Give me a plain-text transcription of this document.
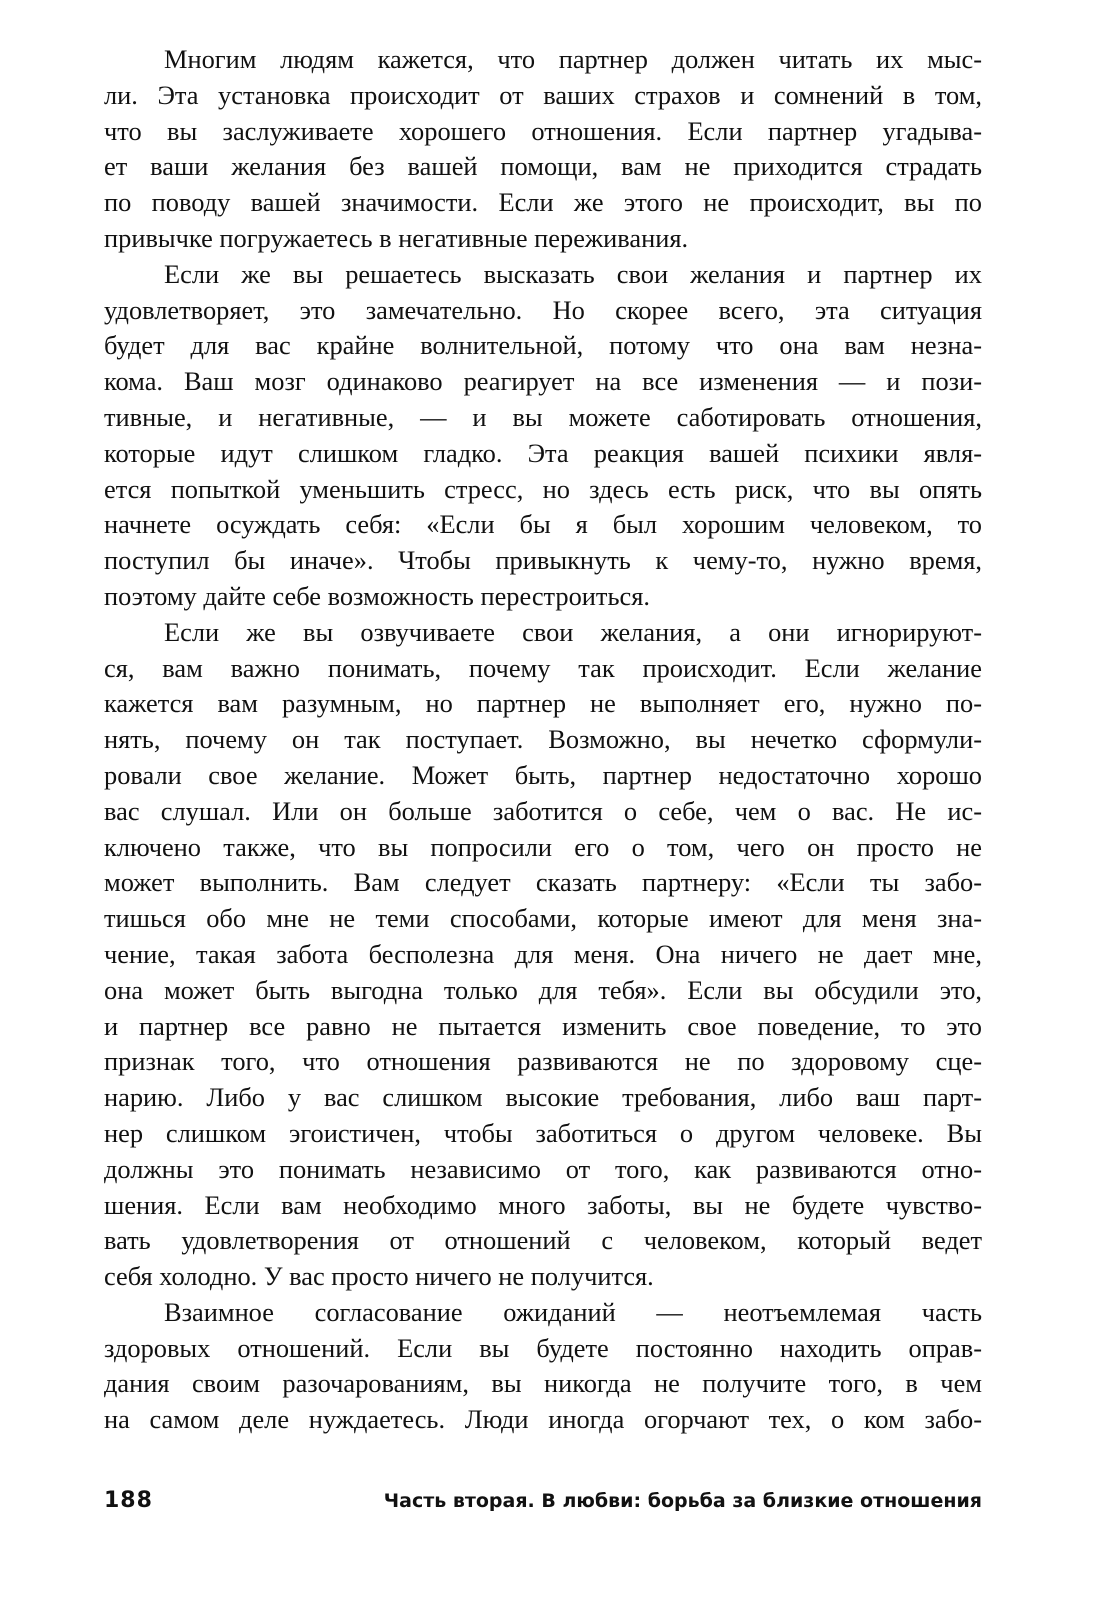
Многим людям кажется, что партнер должен читать их мыс-
ли. Эта установка происходит от ваших страхов и сомнений в том,
что вы заслуживаете хорошего отношения. Если партнер угадыва-
ет ваши желания без вашей помощи, вам не приходится страдать
по поводу вашей значимости. Если же этого не происходит, вы по
привычке погружаетесь в негативные переживания.
Если же вы решаетесь высказать свои желания и партнер их
удовлетворяет, это замечательно. Но скорее всего, эта ситуация
будет для вас крайне волнительной, потому что она вам незна-
кома. Ваш мозг одинаково реагирует на все изменения — и пози-
тивные, и негативные, — и вы можете саботировать отношения,
которые идут слишком гладко. Эта реакция вашей психики явля-
ется попыткой уменьшить стресс, но здесь есть риск, что вы опять
начнете осуждать себя: «Если бы я был хорошим человеком, то
поступил бы иначе». Чтобы привыкнуть к чему-то, нужно время,
поэтому дайте себе возможность перестроиться.
Если же вы озвучиваете свои желания, а они игнорируют-
ся, вам важно понимать, почему так происходит. Если желание
кажется вам разумным, но партнер не выполняет его, нужно по-
нять, почему он так поступает. Возможно, вы нечетко сформули-
ровали свое желание. Может быть, партнер недостаточно хорошо
вас слушал. Или он больше заботится о себе, чем о вас. Не ис-
ключено также, что вы попросили его о том, чего он просто не
может выполнить. Вам следует сказать партнеру: «Если ты забо-
тишься обо мне не теми способами, которые имеют для меня зна-
чение, такая забота бесполезна для меня. Она ничего не дает мне,
она может быть выгодна только для тебя». Если вы обсудили это,
и партнер все равно не пытается изменить свое поведение, то это
признак того, что отношения развиваются не по здоровому сце-
нарию. Либо у вас слишком высокие требования, либо ваш парт-
нер слишком эгоистичен, чтобы заботиться о другом человеке. Вы
должны это понимать независимо от того, как развиваются отно-
шения. Если вам необходимо много заботы, вы не будете чувство-
вать удовлетворения от отношений с человеком, который ведет
себя холодно. У вас просто ничего не получится.
Взаимное согласование ожиданий — неотъемлемая часть
здоровых отношений. Если вы будете постоянно находить оправ-
дания своим разочарованиям, вы никогда не получите того, в чем
на самом деле нуждаетесь. Люди иногда огорчают тех, о ком забо-
188	Часть вторая. В любви: борьба за близкие отношения
